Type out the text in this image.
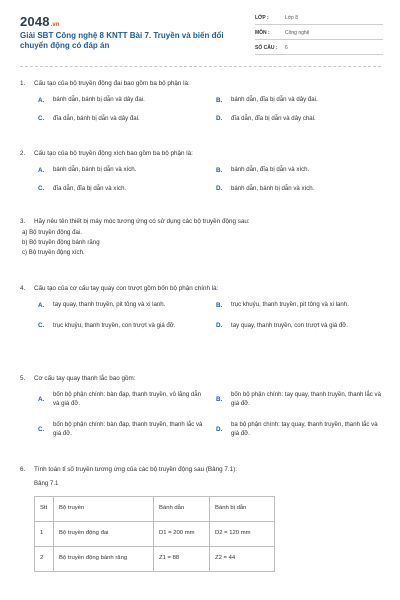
2048 .vn
Giải SBT Công nghệ 8 KNTT Bài 7. Truyền và biến đổi chuyển động có đáp án
LỚP :	Lớp 8
MÔN :	Công nghệ
SỐ CÂU :	6
1.	Cấu tạo của bộ truyền động đai bao gồm ba bộ phận là:
A.	bánh dẫn, bánh bị dẫn và dây đai.	B.	bánh dẫn, đĩa bị dẫn và dây đai.
C.	đĩa dẫn, bánh bị dẫn và dây đai.	D.	đĩa dẫn, đĩa bị dẫn và dây chai.
2.	Cấu tạo của bộ truyền động xích bao gồm ba bộ phận là:
A.	bánh dẫn, bánh bị dẫn và xích.	B.	bánh dẫn, đĩa bị dẫn và xích.
C.	đĩa dẫn, đĩa bị dẫn và xích.	D.	bánh dẫn, bánh bị dẫn và xích.
3.	Hãy nêu tên thiết bị máy móc tương ứng có sử dụng các bộ truyền động sau:
a) Bộ truyền động đai.
b) Bộ truyền động bánh răng
c) Bộ truyền động xích.
4.	Cấu tạo của cơ cấu tay quay con trượt gồm bốn bộ phận chính là:
A.	tay quay, thanh truyền, pit tông và xi lanh.	B.	trục khuỷu, thanh truyền, pit tông và xi lanh.
C.	trục khuỷu, thanh truyền, con trượt và giá đỡ.	D.	tay quay, thanh truyền, con trượt và giá đỡ.
5.	Cơ cấu tay quay thanh lắc bao gồm:
A.
bốn bộ phận chính: bàn đạp, thanh truyền, vô lăng dẫn và giá đỡ.
B.
bốn bộ phận chính: tay quay, thanh truyền, thanh lắc và giá đỡ.
C.
bốn bộ phận chính: bàn đạp, thanh truyền, thanh lắc và giá đỡ.
D.
ba bộ phận chính: tay quay, thanh truyền, thanh lắc và giá đỡ.
6.	Tính toán tỉ số truyền tương ứng của các bộ truyền động sau (Bảng 7.1):
Bảng 7.1
Stt	Bộ truyền	Bánh dẫn	Bánh bị dẫn
1	Bộ truyền động đai	D1 = 200 mm	D2 = 120 mm
2	Bộ truyền động bánh răng	Z1 = 88	Z2 = 44
